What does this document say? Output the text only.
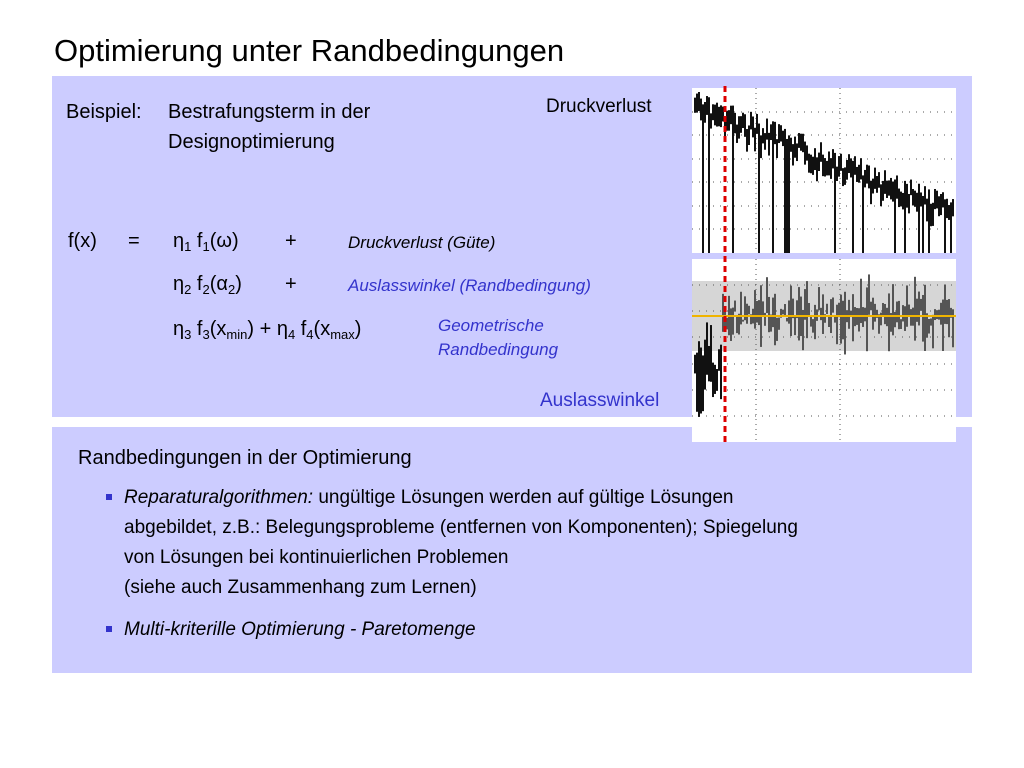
Optimierung unter Randbedingungen
Beispiel: Bestrafungsterm in der
Designoptimierung
$f(x) = \eta_1$ $f_1(\omega)$ +	Druckverlust (Güte)
$\eta_2$ $f_2(\alpha_2)$ +	Auslasswinkel (Randbedingung)
$\eta_3$ $f_3(x_{min}) + \eta_4$ $f_4(x_{max})$	Geometrische
Randbedingung
Druckverlust
Auslasswinkel
Randbedingungen in der Optimierung
Reparaturalgorithmen: ungültige Lösungen werden auf gültige Lösungen
abgebildet, z.B.: Belegungsprobleme (entfernen von Komponenten); Spiegelung
von Lösungen bei kontinuierlichen Problemen
(siehe auch Zusammenhang zum Lernen)
Multi-kriterille Optimierung - Paretomenge
